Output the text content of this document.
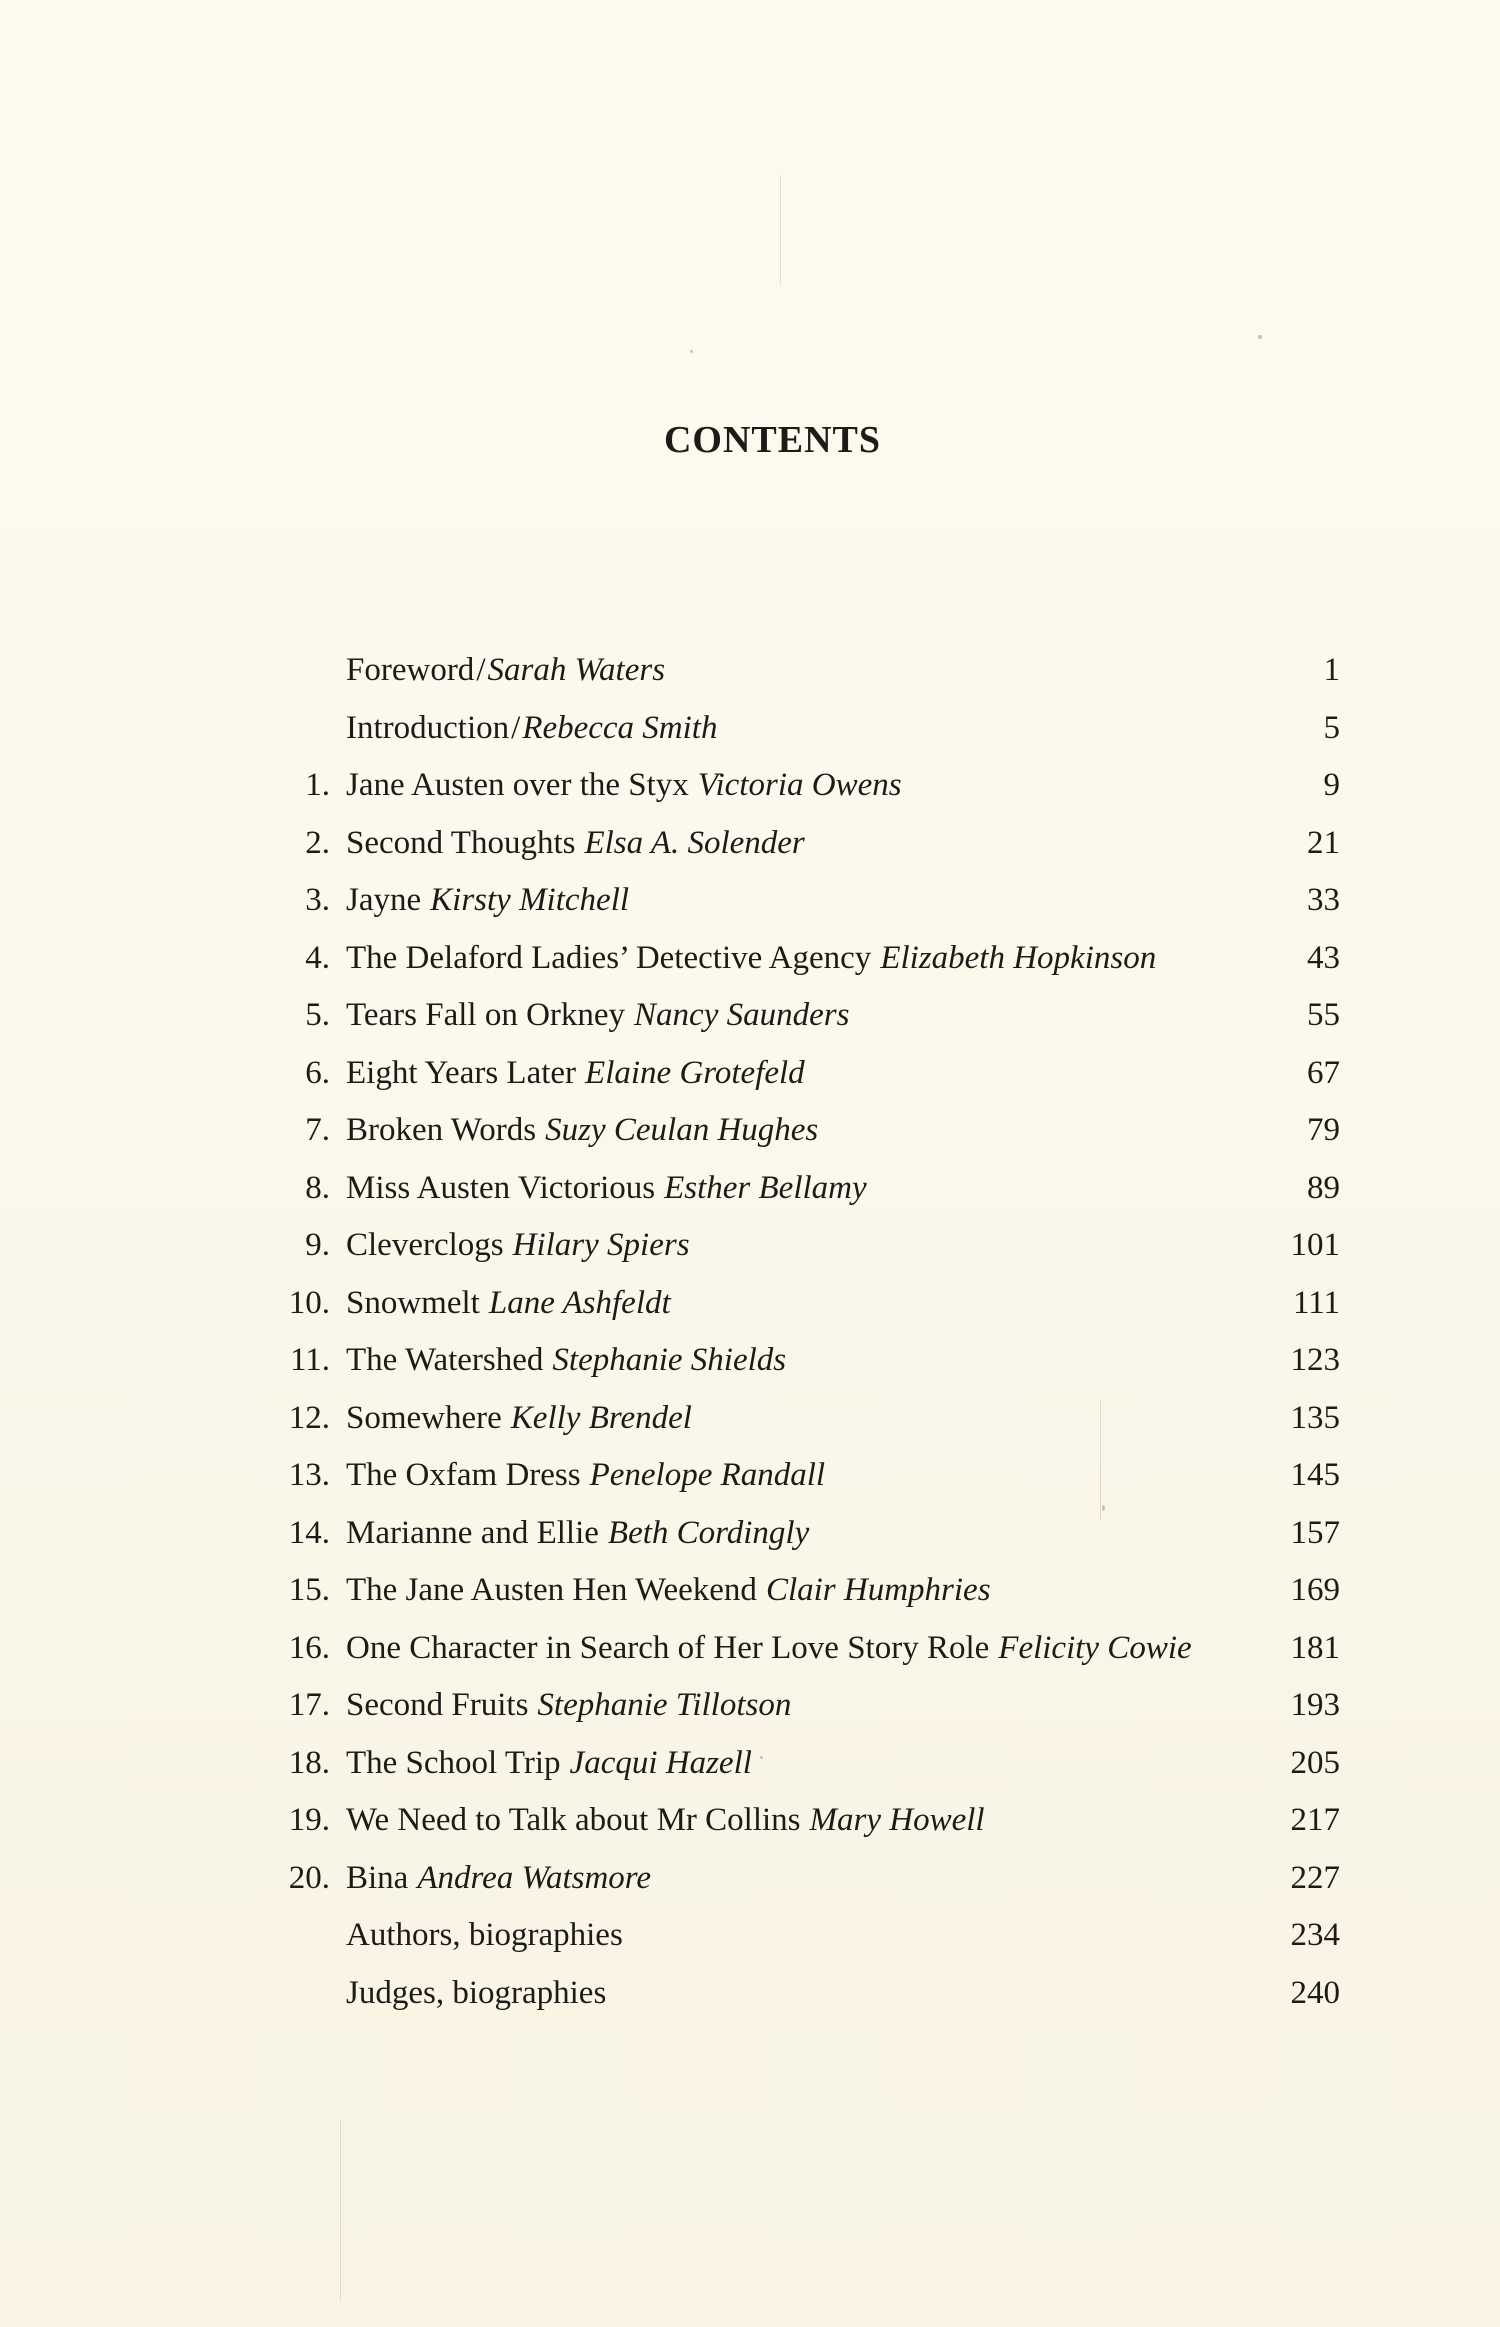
CONTENTS
Foreword/Sarah Waters	1
Introduction/Rebecca Smith	5
1. Jane Austen over the Styx Victoria Owens	9
2. Second Thoughts Elsa A. Solender	21
3. Jayne Kirsty Mitchell	33
4. The Delaford Ladies’ Detective Agency Elizabeth Hopkinson	43
5. Tears Fall on Orkney Nancy Saunders	55
6. Eight Years Later Elaine Grotefeld	67
7. Broken Words Suzy Ceulan Hughes	79
8. Miss Austen Victorious Esther Bellamy	89
9. Cleverclogs Hilary Spiers	101
10. Snowmelt Lane Ashfeldt	111
11. The Watershed Stephanie Shields	123
12. Somewhere Kelly Brendel	135
13. The Oxfam Dress Penelope Randall	145
14. Marianne and Ellie Beth Cordingly	157
15. The Jane Austen Hen Weekend Clair Humphries	169
16. One Character in Search of Her Love Story Role Felicity Cowie	181
17. Second Fruits Stephanie Tillotson	193
18. The School Trip Jacqui Hazell	205
19. We Need to Talk about Mr Collins Mary Howell	217
20. Bina Andrea Watsmore	227
Authors, biographies	234
Judges, biographies	240
